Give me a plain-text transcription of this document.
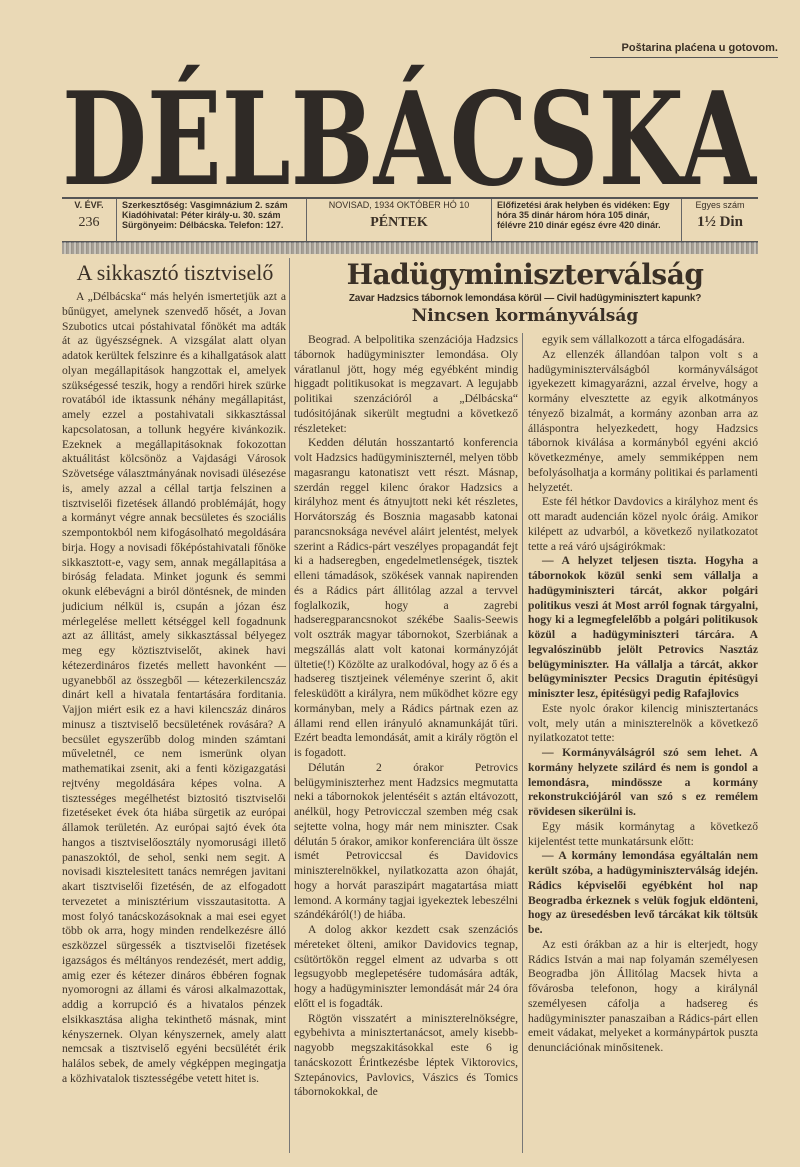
Poštarina plaćena u gotovom.
DÉLBÁCSKA
V. ÉVF.
236
Szerkesztőség: Vasgimnázium 2. szám Kiadóhivatal: Péter király-u. 30. szám Sürgönyeim: Délbácska. Telefon: 127.
NOVISAD, 1934 OKTÓBER HÓ 10
PÉNTEK
Előfizetési árak helyben és vidéken: Egy hóra 35 dinár három hóra 105 dinár, félévre 210 dinár egész évre 420 dinár.
Egyes szám
1½ Din
A sikkasztó tisztviselő

A „Délbácska“ más helyén ismertetjük azt a bűnügyet, amelynek szenvedő hősét, a Jovan Szubotics utcai póstahivatal főnökét ma adták át az ügyészségnek. A vizsgálat alatt olyan adatok kerültek felszinre és a kihallgatások alatt olyan megállapitások hangzottak el, amelyek szükségessé teszik, hogy a rendőri hirek szürke rovatából ide iktassunk néhány megállapitást, amely ezzel a postahivatali sikkasztással kapcsolatosan, a tollunk hegyére kivánkozik. Ezeknek a megállapitásoknak fokozottan aktuálitást kölcsönöz a Vajdasági Városok Szövetsége választmányának novisadi ülésezése is, amely azzal a céllal tartja felszinen a tisztviselői fizetések állandó problémáját, hogy a kormányt végre annak becsületes és szociális szempontokból nem kifogásolható megoldására birja. Hogy a novisadi főképóstahivatali főnöke sikkasztott-e, vagy sem, annak megállapitása a biróság feladata. Minket jogunk és semmi okunk elébevágni a biról döntésnek, de minden judicium nélkül is, csupán a józan ész mérlegelése mellett kétséggel kell fogadnunk azt az állitást, amely sikkasztással bélyegez meg egy köztisztviselőt, akinek havi kétezerdináros fizetés mellett havonként — ugyanebből az összegből — kétezerkilencszáz dinárt kell a hivatala fentartására forditania. Vajjon miért esik ez a havi kilencszáz dináros minusz a tisztviselő becsületének rovására? A becsület egyszerűbb dolog minden számtani műveletnél, ce nem ismerünk olyan mathematikai zsenit, aki a fenti közigazgatási rejtvény megoldására képes volna. A tisztességes megélhetést biztositó tisztviselői fizetéseket évek óta hiába sürgetik az európai államok területén. Az európai sajtó évek óta hangos a tisztviselőosztály nyomorusági illető panaszoktól, de sehol, senki nem segit. A novisadi kisztelesitett tanács nemrégen javitani akart tisztviselői fizetésén, de az elfogadott tervezetet a minisztérium visszautasitotta. A most folyó tanácskozásoknak a mai esei egyet több ok arra, hogy minden rendelkezésre álló eszközzel sürgessék a tisztviselői fizetések igazságos és méltányos rendezését, mert addig, amig ezer és kétezer dináros ébbéren fognak nyomorogni az állami és városi alkalmazottak, addig a korrupció és a hivatalos pénzek elsikkasztása aligha tekinthető másnak, mint kényszernek. Olyan kényszernek, amely alatt nemcsak a tisztviselő egyéni becsülétét érik halálos sebek, de amely végképpen megingatja a közhivatalok tisztességébe vetett hitet is.

Hadügyminiszterválság
Zavar Hadzsics tábornok lemondása körül — Civil hadügyminisztert kapunk?
Nincsen kormányválság

Beograd. A belpolitika szenzációja Hadzsics tábornok hadügyminiszter lemondása. Oly váratlanul jött, hogy még egyébként mindig higgadt politikusokat is megzavart. A legujabb politikai szenzációról a „Délbácska“ tudósitójának sikerült megtudni a következő részleteket:

Kedden délután hosszantartó konferencia volt Hadzsics hadügyminiszternél, melyen több magasrangu katonatiszt vett részt. Másnap, szerdán reggel kilenc órakor Hadzsics a királyhoz ment és átnyujtott neki két részletes, Horvátország és Bosznia magasabb katonai parancsnoksága nevével aláirt jelentést, melyek szerint a Rádics-párt veszélyes propagandát fejt ki a hadseregben, engedelmetlenségek, tisztek elleni támadások, szökések vannak napirenden és a Rádics párt állitólag azzal a tervvel foglalkozik, hogy a zagrebi hadseregparancsnokot székébe Saalis-Seewis volt osztrák magyar tábornokot, Szerbiának a megszállás alatt volt katonai kormányzóját ültetie(!) Közölte az uralkodóval, hogy az ő és a hadsereg tisztjeinek véleménye szerint ő, akit felesküdött a királyra, nem működhet közre egy kormányban, mely a Rádics pártnak ezen az állami rend ellen irányuló aknamunkáját tűri. Ezért beadta lemondását, amit a király rögtön el is fogadott.

Délután 2 órakor Petrovics belügyminiszterhez ment Hadzsics megmutatta neki a tábornokok jelentéséit s aztán eltávozott, anélkül, hogy Petrovicczal szemben még csak sejtette volna, hogy már nem miniszter. Csak délután 5 órakor, amikor konferenciára ült össze ismét Petroviccsal és Davidovics miniszterelnökkel, nyilatkozatta azon óhaját, hogy a horvát paraszipárt magatartása miatt lemond. A kormány tagjai igyekeztek lebeszélni szándékáról(!) de hiába.

A dolog akkor kezdett csak szenzációs méreteket ölteni, amikor Davidovics tegnap, csütörtökön reggel elment az udvarba s ott legsugyobb meglepetésére tudomására adták, hogy a hadügyminiszter lemondását már 24 óra előtt el is fogadták.

Rögtön visszatért a miniszterelnökségre, egybehivta a minisztertanácsot, amely kisebb-nagyobb megszakitásokkal este 6 ig tanácskozott Érintkezésbe léptek Viktorovics, Sztepánovics, Pavlovics, Vászics és Tomics tábornokokkal, de

egyik sem vállalkozott a tárca elfogadására.

Az ellenzék állandóan talpon volt s a hadügyminiszterválságból kormányválságot igyekezett kimagyarázni, azzal érvelve, hogy a kormány elvesztette az egyik alkotmányos tényező bizalmát, a kormány azonban arra az álláspontra helyezkedett, hogy Hadzsics tábornok kiválása a kormányból egyéni akció következménye, amely semmiképpen nem befolyásolhatja a kormány politikai és parlamenti helyzetét.

Este fél hétkor Davdovics a királyhoz ment és ott maradt audencián közel nyolc óráig. Amikor kilépett az udvarból, a következő nyilatkozatot tette a reá váró ujságirókmak:

— A helyzet teljesen tiszta. Hogyha a tábornokok közül senki sem vállalja a hadügyminiszteri tárcát, akkor polgári politikus veszi át Most arról fognak tárgyalni, hogy ki a legmegfelelőbb a polgári politikusok közül a hadügyminiszteri tárcára. A legvalószinübb jelölt Petrovics Nasztáz belügyminiszter. Ha vállalja a tárcát, akkor belügyminiszter Pecsics Dragutin épitésügyi miniszter lesz, épitésügyi pedig Rafajlovics

Este nyolc órakor kilencig minisztertanács volt, mely után a miniszterelnök a következő nyilatkozatot tette:

— Kormányválságról szó sem lehet. A kormány helyzete szilárd és nem is gondol a lemondásra, mindössze a kormány rekonstrukciójáról van szó s ez remélem rövidesen sikerülni is.

Egy másik kormánytag a következő kijelentést tette munkatársunk előtt:

— A kormány lemondása egyáltalán nem került szóba, a hadügyminiszterválság idején. Rádics képviselői egyébként hol nap Beogradba érkeznek s velük fogjuk eldönteni, hogy az üresedésben levő tárcákat kik töltsük be.

Az esti órákban az a hir is elterjedt, hogy Rádics István a mai nap folyamán személyesen Beogradba jön Állitólag Macsek hivta a fővárosba telefonon, hogy a királynál személyesen cáfolja a hadsereg és hadügyminiszter panaszaiban a Rádics-párt ellen emeit vádakat, melyeket a kormánypártok puszta denunciációnak minősitenek.
